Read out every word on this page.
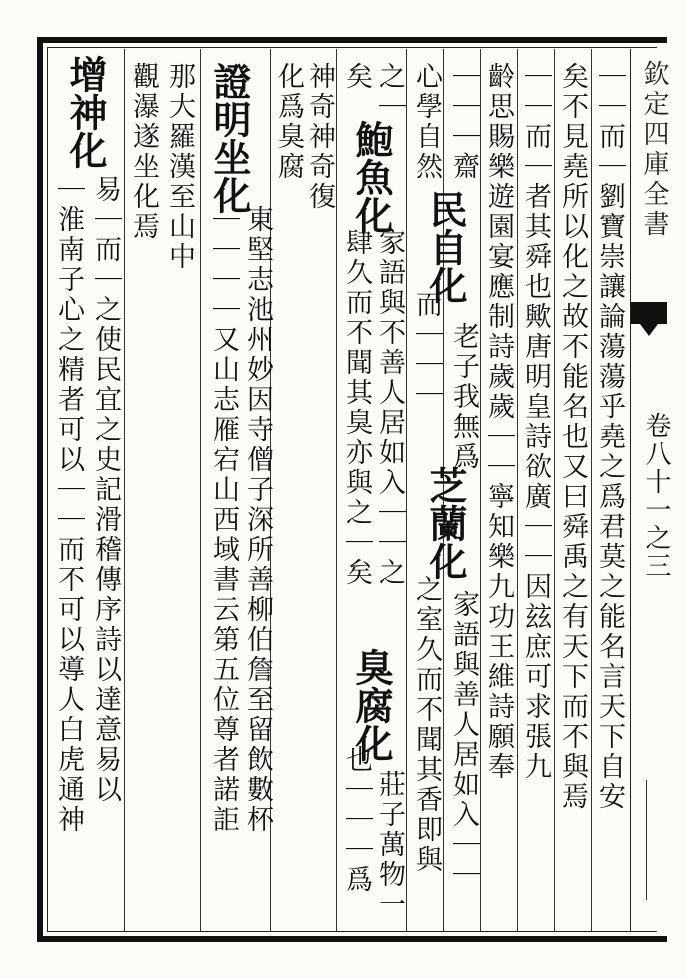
欽定四庫全書
卷八十一之三
｜｜而｜劉寶崇讓論蕩蕩乎堯之爲君莫之能名言天下自安
矣不見堯所以化之故不能名也又曰舜禹之有天下而不與焉
｜｜而｜者其舜也歟唐明皇詩欲廣｜｜因玆庶可求張九
齡思賜樂遊園宴應制詩歲歲｜｜寧知樂九功王維詩願奉
｜｜｜齋
民自化
老子我無爲
芝蘭化
家語與善人居如入｜｜
心學自然
而｜｜｜
之室久而不聞其香即與
之｜
鮑魚化
家語與不善人居如入｜｜之
臭腐化
莊子萬物一
矣
肆久而不聞其臭亦與之｜矣
也｜｜｜爲
神奇神奇復
化爲臭腐
證明坐化
東堅志池州妙因寺僧子深所善柳伯詹至留飲數杯
｜｜｜｜又山志雁宕山西域書云第五位尊者諾詎
那大羅漢至山中
觀瀑遂坐化焉
增神化
易｜而｜之使民宜之史記滑稽傳序詩以達意易以
｜淮南子心之精者可以｜｜而不可以導人白虎通神
